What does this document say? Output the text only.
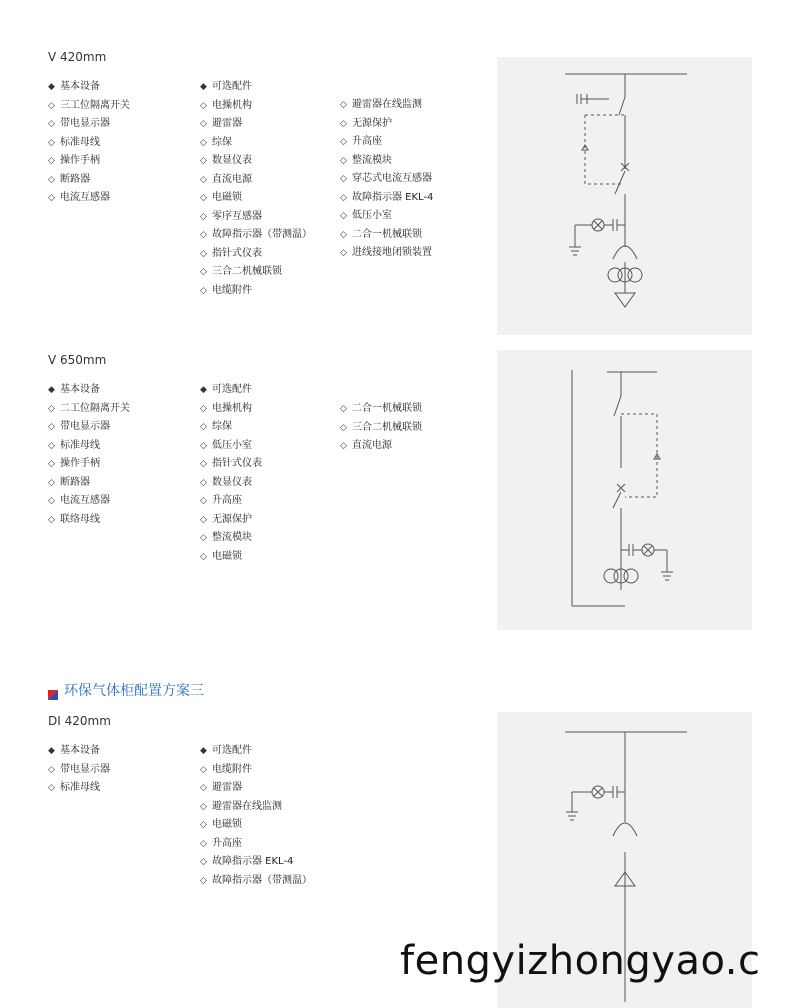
V 420mm
◆ 基本设备
◇ 三工位隔离开关
◇ 带电显示器
◇ 标准母线
◇ 操作手柄
◇ 断路器
◇ 电流互感器
◆ 可选配件
◇ 电操机构
◇ 避雷器
◇ 综保
◇ 数显仪表
◇ 直流电源
◇ 电磁锁
◇ 零序互感器
◇ 故障指示器（带测温）
◇ 指针式仪表
◇ 三合二机械联锁
◇ 电缆附件
◇ 避雷器在线监测
◇ 无源保护
◇ 升高座
◇ 整流模块
◇ 穿芯式电流互感器
◇ 故障指示器 EKL-4
◇ 低压小室
◇ 二合一机械联锁
◇ 进线接地闭锁装置
V 650mm
◆ 基本设备
◇ 二工位隔离开关
◇ 带电显示器
◇ 标准母线
◇ 操作手柄
◇ 断路器
◇ 电流互感器
◇ 联络母线
◆ 可选配件
◇ 电操机构
◇ 综保
◇ 低压小室
◇ 指针式仪表
◇ 数显仪表
◇ 升高座
◇ 无源保护
◇ 整流模块
◇ 电磁锁
◇ 二合一机械联锁
◇ 三合二机械联锁
◇ 直流电源
环保气体柜配置方案三
DI 420mm
◆ 基本设备
◇ 带电显示器
◇ 标准母线
◆ 可选配件
◇ 电缆附件
◇ 避雷器
◇ 避雷器在线监测
◇ 电磁锁
◇ 升高座
◇ 故障指示器 EKL-4
◇ 故障指示器（带测温）
fengyizhongyao.c
